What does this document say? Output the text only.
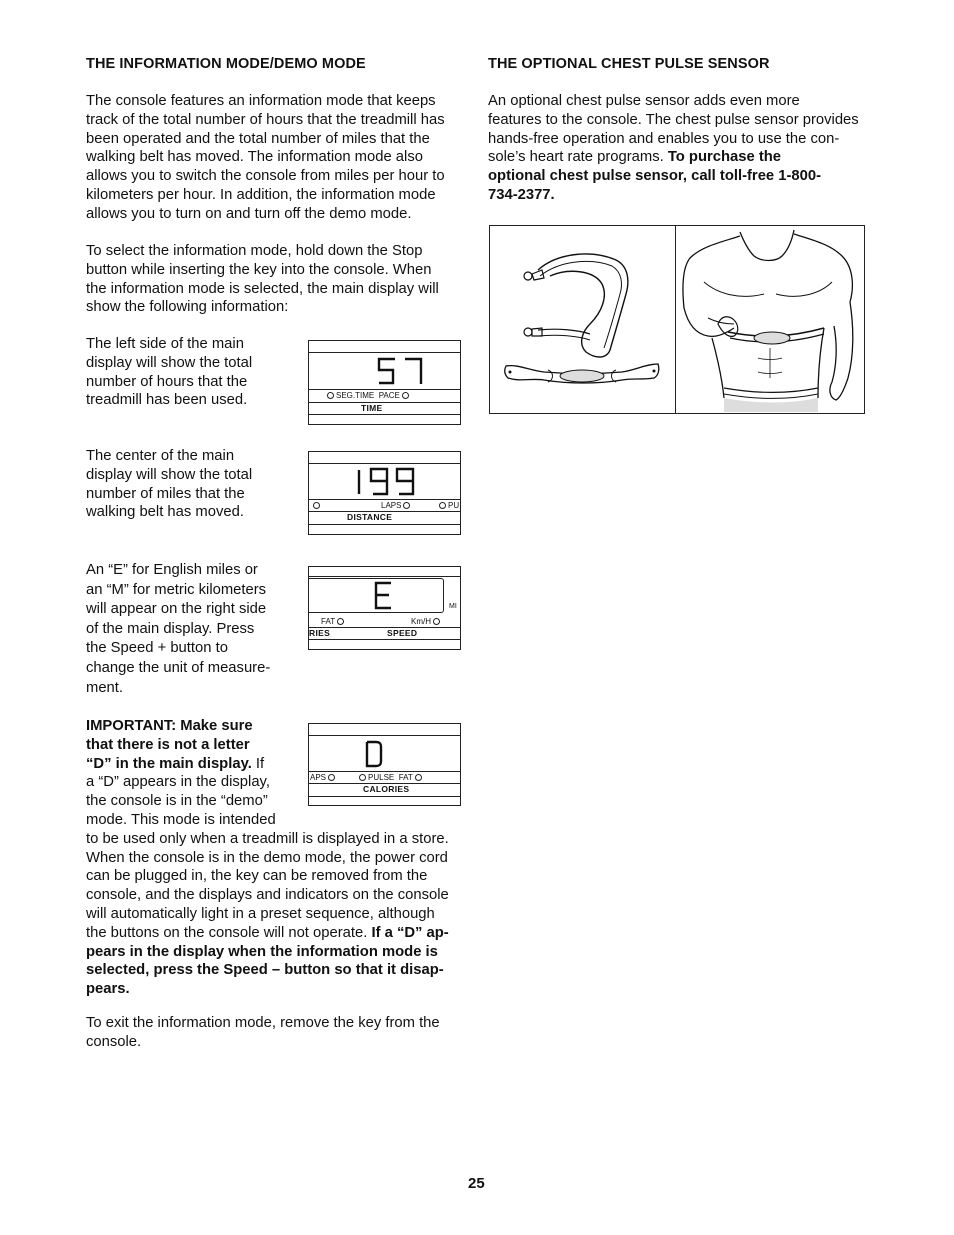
THE INFORMATION MODE/DEMO MODE
The console features an information mode that keeps
track of the total number of hours that the treadmill has
been operated and the total number of miles that the
walking belt has moved. The information mode also
allows you to switch the console from miles per hour to
kilometers per hour. In addition, the information mode
allows you to turn on and turn off the demo mode.
To select the information mode, hold down the Stop
button while inserting the key into the console. When
the information mode is selected, the main display will
show the following information:
The left side of the main
display will show the total
number of hours that the
treadmill has been used.
The center of the main
display will show the total
number of miles that the
walking belt has moved.
An “E” for English miles or
an “M” for metric kilometers
will appear on the right side
of the main display. Press
the Speed + button to
change the unit of measure-
ment.
IMPORTANT: Make sure
that there is not a letter
“D” in the main display. If
a “D” appears in the display,
the console is in the “demo”
mode. This mode is intended
to be used only when a treadmill is displayed in a store.
When the console is in the demo mode, the power cord
can be plugged in, the key can be removed from the
console, and the displays and indicators on the console
will automatically light in a preset sequence, although
the buttons on the console will not operate. If a “D” ap-
pears in the display when the information mode is
selected, press the Speed – button so that it disap-
pears.
To exit the information mode, remove the key from the
console.
SEG.TIME PACE
TIME
LAPS	PU
DISTANCE
MI
FAT	Km/H
RIES	SPEED
APS	PULSE FAT
CALORIES
THE OPTIONAL CHEST PULSE SENSOR
An optional chest pulse sensor adds even more
features to the console. The chest pulse sensor provides
hands-free operation and enables you to use the con-
sole’s heart rate programs. To purchase the
optional chest pulse sensor, call toll-free 1-800-
734-2377.
25
